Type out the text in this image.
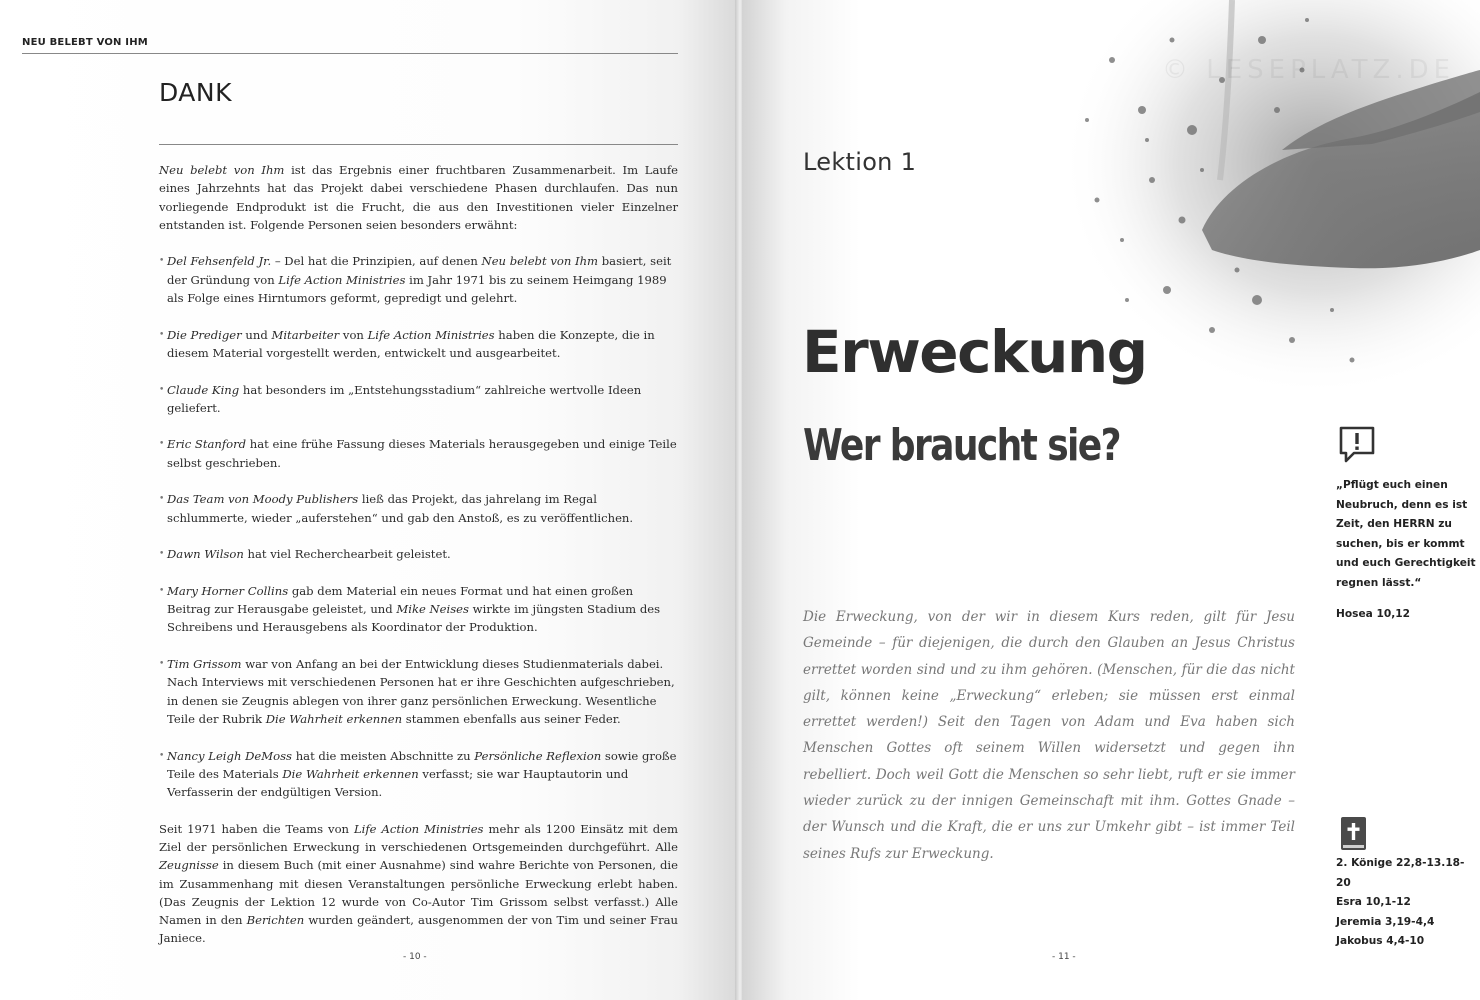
NEU BELEBT VON IHM
DANK

Neu belebt von Ihm ist das Ergebnis einer fruchtbaren Zusammenarbeit. Im Laufe eines Jahrzehnts hat das Projekt dabei verschiedene Phasen durchlaufen. Das nun vorliegende Endprodukt ist die Frucht, die aus den Investitionen vieler Einzelner entstanden ist. Folgende Personen seien besonders erwähnt:

• Del Fehsenfeld Jr. – Del hat die Prinzipien, auf denen Neu belebt von Ihm basiert, seit der Gründung von Life Action Ministries im Jahr 1971 bis zu seinem Heimgang 1989 als Folge eines Hirntumors geformt, gepredigt und gelehrt.
• Die Prediger und Mitarbeiter von Life Action Ministries haben die Konzepte, die in diesem Material vorgestellt werden, entwickelt und ausgearbeitet.
• Claude King hat besonders im „Entstehungsstadium“ zahlreiche wertvolle Ideen geliefert.
• Eric Stanford hat eine frühe Fassung dieses Materials herausgegeben und einige Teile selbst geschrieben.
• Das Team von Moody Publishers ließ das Projekt, das jahrelang im Regal schlummerte, wieder „auferstehen“ und gab den Anstoß, es zu veröffentlichen.
• Dawn Wilson hat viel Recherchearbeit geleistet.
• Mary Horner Collins gab dem Material ein neues Format und hat einen großen Beitrag zur Herausgabe geleistet, und Mike Neises wirkte im jüngsten Stadium des Schreibens und Herausgebens als Koordinator der Produktion.
• Tim Grissom war von Anfang an bei der Entwicklung dieses Studienmaterials dabei. Nach Interviews mit verschiedenen Personen hat er ihre Geschichten aufgeschrieben, in denen sie Zeugnis ablegen von ihrer ganz persönlichen Erweckung. Wesentliche Teile der Rubrik Die Wahrheit erkennen stammen ebenfalls aus seiner Feder.
• Nancy Leigh DeMoss hat die meisten Abschnitte zu Persönliche Reflexion sowie große Teile des Materials Die Wahrheit erkennen verfasst; sie war Hauptautorin und Verfasserin der endgültigen Version.

Seit 1971 haben die Teams von Life Action Ministries mehr als 1200 Einsätz mit dem Ziel der persönlichen Erweckung in verschiedenen Ortsgemeinden durchgeführt. Alle Zeugnisse in diesem Buch (mit einer Ausnahme) sind wahre Berichte von Personen, die im Zusammenhang mit diesen Veranstaltungen persönliche Erweckung erlebt haben. (Das Zeugnis der Lektion 12 wurde von Co-Autor Tim Grissom selbst verfasst.) Alle Namen in den Berichten wurden geändert, ausgenommen der von Tim und seiner Frau Janiece.

- 10 -
© LESEPLATZ.DE
Lektion 1
Erweckung
Wer braucht sie?

Die Erweckung, von der wir in diesem Kurs reden, gilt für Jesu Gemeinde – für diejenigen, die durch den Glauben an Jesus Christus errettet worden sind und zu ihm gehören. (Menschen, für die das nicht gilt, können keine „Erweckung“ erleben; sie müssen erst einmal errettet werden!) Seit den Tagen von Adam und Eva haben sich Menschen Gottes oft seinem Willen widersetzt und gegen ihn rebelliert. Doch weil Gott die Menschen so sehr liebt, ruft er sie immer wieder zurück zu der innigen Gemeinschaft mit ihm. Gottes Gnade – der Wunsch und die Kraft, die er uns zur Umkehr gibt – ist immer Teil seines Rufs zur Erweckung.

„Pflügt euch einen Neubruch, denn es ist Zeit, den HERRN zu suchen, bis er kommt und euch Gerechtigkeit regnen lässt.“
Hosea 10,12
2. Könige 22,8-13.18-20
Esra 10,1-12
Jeremia 3,19-4,4
Jakobus 4,4-10
- 11 -
